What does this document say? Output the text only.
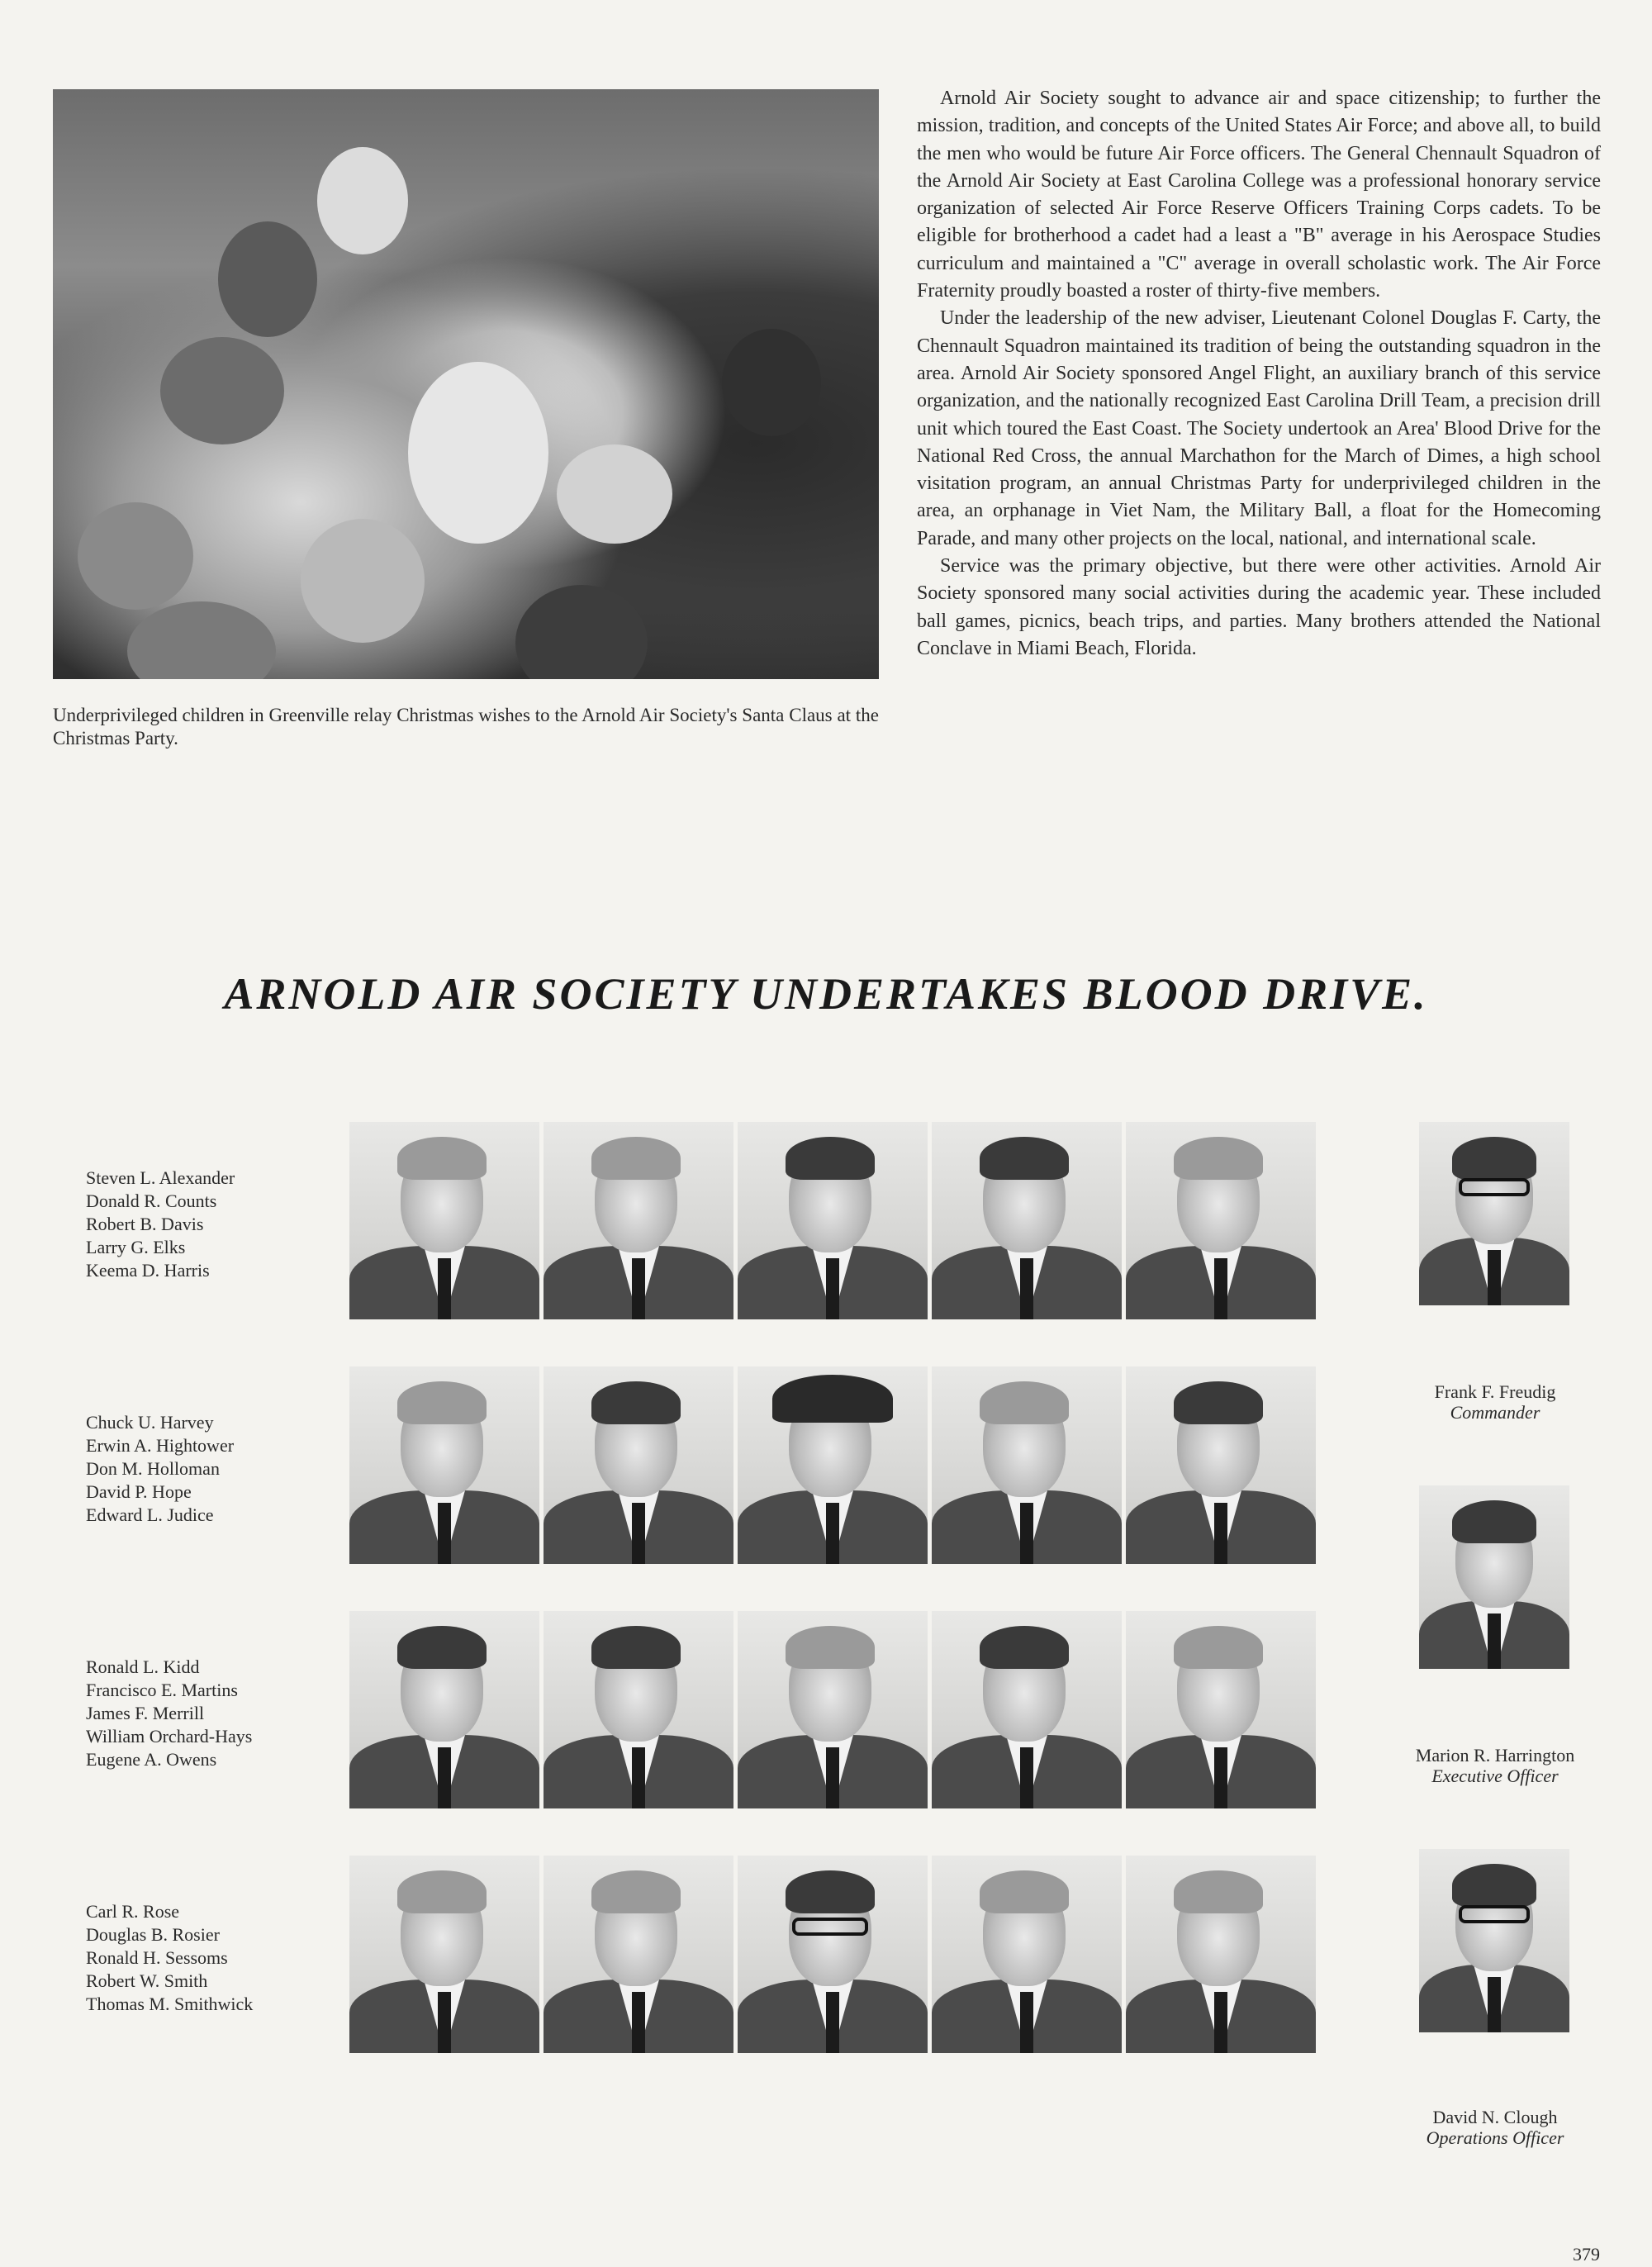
Underprivileged children in Greenville relay Christmas wishes to the Arnold Air Society's Santa Claus at the Christmas Party.

Arnold Air Society sought to advance air and space citizenship; to further the mission, tradition, and concepts of the United States Air Force; and above all, to build the men who would be future Air Force officers. The General Chennault Squadron of the Arnold Air Society at East Carolina College was a professional honorary service organization of selected Air Force Reserve Officers Training Corps cadets. To be eligible for brotherhood a cadet had a least a "B" average in his Aerospace Studies curriculum and maintained a "C" average in overall scholastic work. The Air Force Fraternity proudly boasted a roster of thirty-five members.

Under the leadership of the new adviser, Lieutenant Colonel Douglas F. Carty, the Chennault Squadron maintained its tradition of being the outstanding squadron in the area. Arnold Air Society sponsored Angel Flight, an auxiliary branch of this service organization, and the nationally recognized East Carolina Drill Team, a precision drill unit which toured the East Coast. The Society undertook an Area' Blood Drive for the National Red Cross, the annual Marchathon for the March of Dimes, a high school visitation program, an annual Christmas Party for underprivileged children in the area, an orphanage in Viet Nam, the Military Ball, a float for the Homecoming Parade, and many other projects on the local, national, and international scale.

Service was the primary objective, but there were other activities. Arnold Air Society sponsored many social activities during the academic year. These included ball games, picnics, beach trips, and parties. Many brothers attended the National Conclave in Miami Beach, Florida.

ARNOLD AIR SOCIETY UNDERTAKES BLOOD DRIVE.
Steven L. Alexander
Donald R. Counts
Robert B. Davis
Larry G. Elks
Keema D. Harris
Chuck U. Harvey
Erwin A. Hightower
Don M. Holloman
David P. Hope
Edward L. Judice
Ronald L. Kidd
Francisco E. Martins
James F. Merrill
William Orchard-Hays
Eugene A. Owens
Carl R. Rose
Douglas B. Rosier
Ronald H. Sessoms
Robert W. Smith
Thomas M. Smithwick
Frank F. Freudig
Commander
Marion R. Harrington
Executive Officer
David N. Clough
Operations Officer
379
